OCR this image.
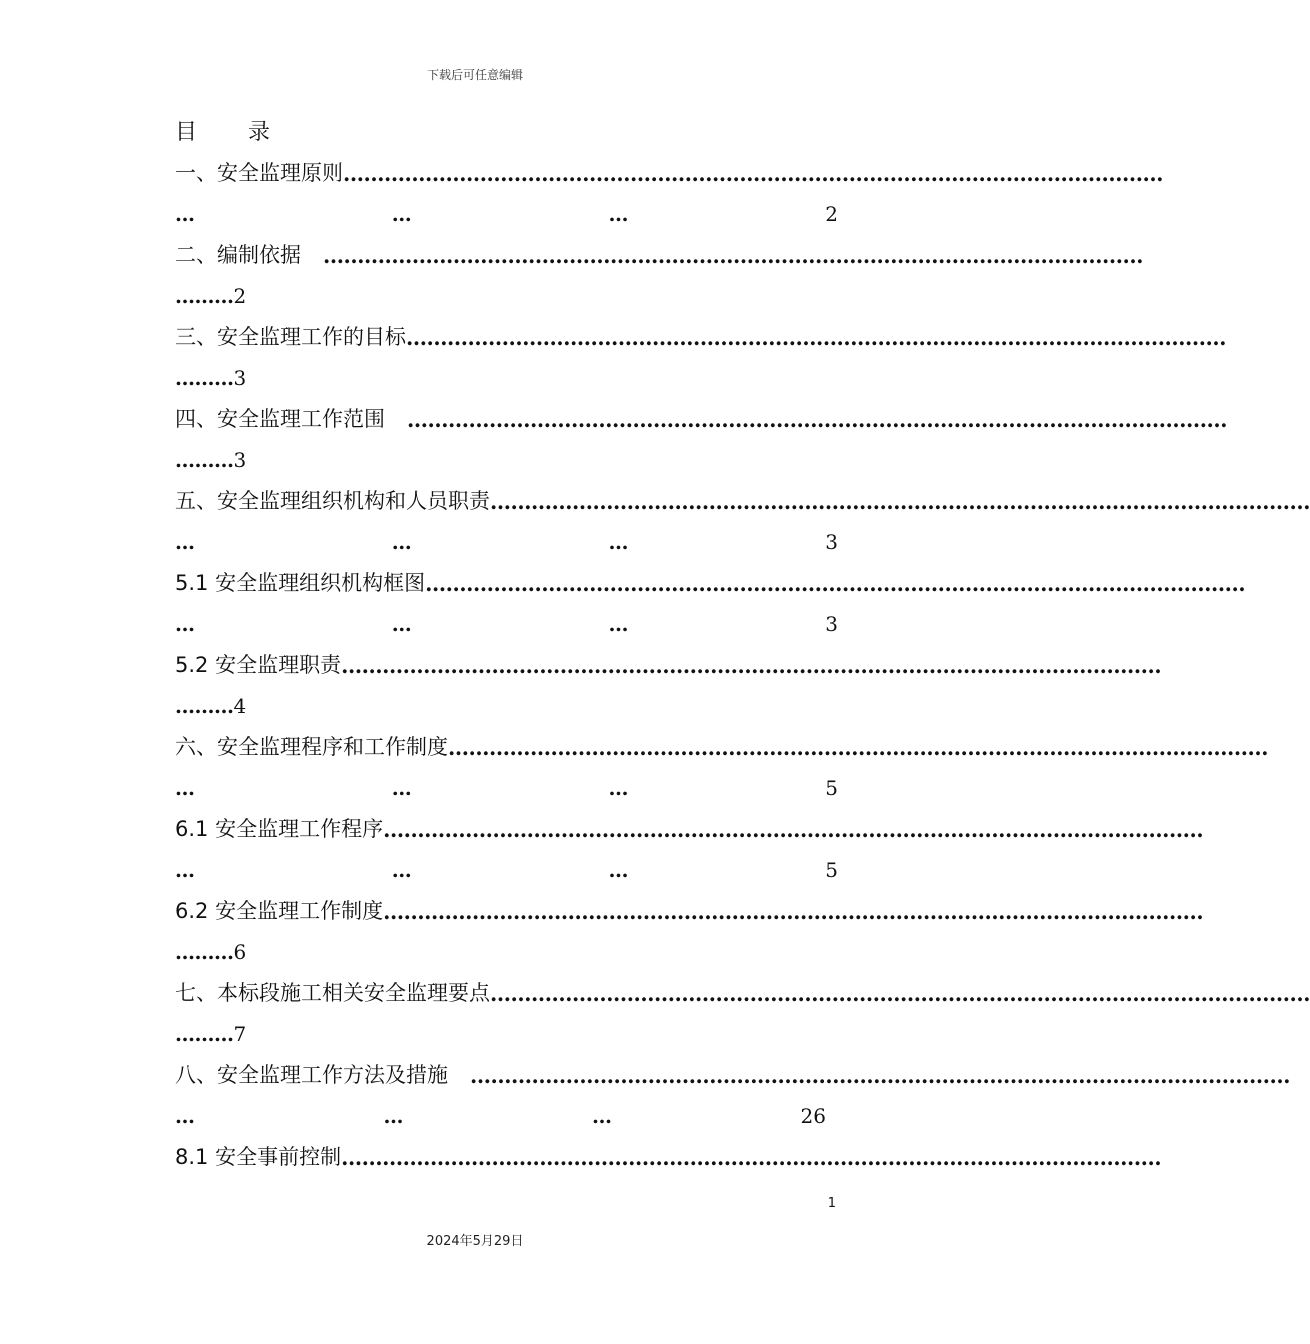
下载后可任意编辑
目 录
一、安全监理原则 …………………………………………………………………………………………………………
…	…	…	2
二、编制依据 …………………………………………………………………………………………………………
………2
三、安全监理工作的目标 …………………………………………………………………………………………………………
………3
四、安全监理工作范围 …………………………………………………………………………………………………………
………3
五、安全监理组织机构和人员职责 …………………………………………………………………………………………………………
…	…	…	3
5.1 安全监理组织机构框图 …………………………………………………………………………………………………………
…	…	…	3
5.2 安全监理职责 …………………………………………………………………………………………………………
………4
六、安全监理程序和工作制度 …………………………………………………………………………………………………………
…	…	…	5
6.1 安全监理工作程序 …………………………………………………………………………………………………………
…	…	…	5
6.2 安全监理工作制度 …………………………………………………………………………………………………………
………6
七、本标段施工相关安全监理要点 …………………………………………………………………………………………………………
………7
八、安全监理工作方法及措施 …………………………………………………………………………………………………………
…	…	…	26
8.1 安全事前控制 …………………………………………………………………………………………………………
1
2024年5月29日
